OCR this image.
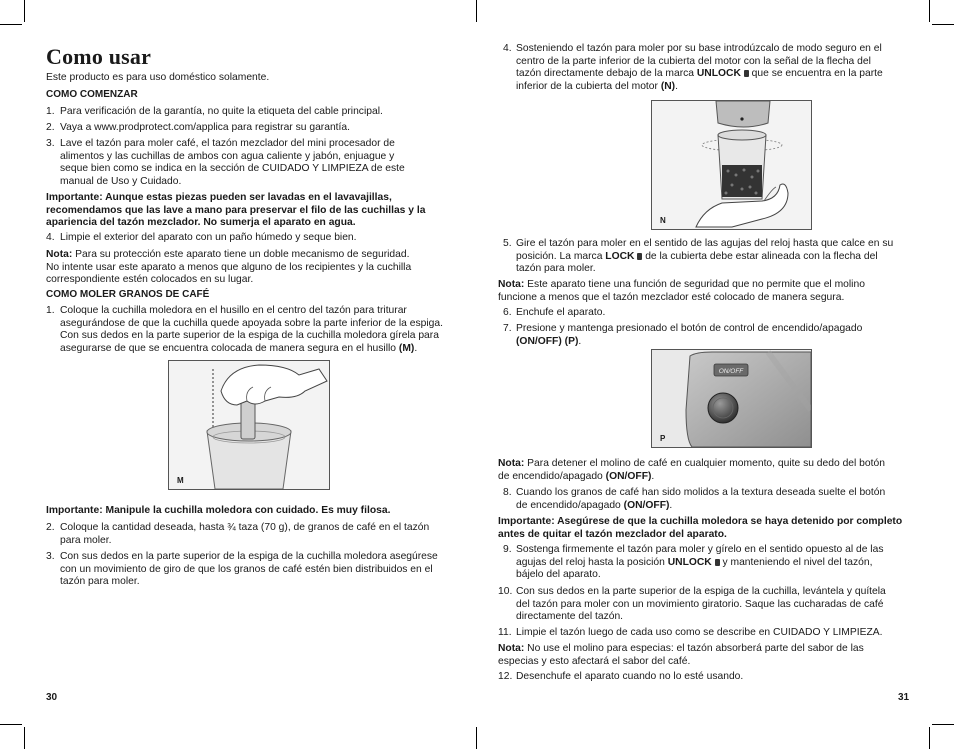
Como usar
Este producto es para uso doméstico solamente.
COMO COMENZAR
1. Para verificación de la garantía, no quite la etiqueta del cable principal.
2. Vaya a www.prodprotect.com/applica para registrar su garantía.
3. Lave el tazón para moler café, el tazón mezclador del mini procesador de
alimentos y las cuchillas de ambos con agua caliente y jabón, enjuague y
seque bien como se indica en la sección de CUIDADO Y LIMPIEZA de este
manual de Uso y Cuidado.
Importante: Aunque estas piezas pueden ser lavadas en el lavavajillas,
recomendamos que las lave a mano para preservar el filo de las cuchillas y la
apariencia del tazón mezclador. No sumerja el aparato en agua.
4. Limpie el exterior del aparato con un paño húmedo y seque bien.
Nota: Para su protección este aparato tiene un doble mecanismo de seguridad.
No intente usar este aparato a menos que alguno de los recipientes y la cuchilla
correspondiente estén colocados en su lugar.
COMO MOLER GRANOS DE CAFÉ
1. Coloque la cuchilla moledora en el husillo en el centro del tazón para triturar
asegurándose de que la cuchilla quede apoyada sobre la parte inferior de la espiga.
Con sus dedos en la parte superior de la espiga de la cuchilla moledora gírela para
asegurarse de que se encuentra colocada de manera segura en el husillo (M).
M
Importante: Manipule la cuchilla moledora con cuidado. Es muy filosa.
2. Coloque la cantidad deseada, hasta ¾ taza (70 g), de granos de café en el tazón
para moler.
3. Con sus dedos en la parte superior de la espiga de la cuchilla moledora asegúrese
con un movimiento de giro de que los granos de café estén bien distribuidos en el
tazón para moler.
30
4. Sosteniendo el tazón para moler por su base introdúzcalo de modo seguro en el
centro de la parte inferior de la cubierta del motor con la señal de la flecha del
tazón directamente debajo de la marca UNLOCK  que se encuentra en la parte
inferior de la cubierta del motor (N).
N
5. Gire el tazón para moler en el sentido de las agujas del reloj hasta que calce en su
posición. La marca LOCK  de la cubierta debe estar alineada con la flecha del
tazón para moler.
Nota: Este aparato tiene una función de seguridad que no permite que el molino
funcione a menos que el tazón mezclador esté colocado de manera segura.
6. Enchufe el aparato.
7. Presione y mantenga presionado el botón de control de encendido/apagado
(ON/OFF) (P).
ON/OFF
P
Nota: Para detener el molino de café en cualquier momento, quite su dedo del botón
de encendido/apagado (ON/OFF).
8. Cuando los granos de café han sido molidos a la textura deseada suelte el botón
de encendido/apagado (ON/OFF).
Importante: Asegúrese de que la cuchilla moledora se haya detenido por completo
antes de quitar el tazón mezclador del aparato.
9. Sostenga firmemente el tazón para moler y gírelo en el sentido opuesto al de las
agujas del reloj hasta la posición UNLOCK  y manteniendo el nivel del tazón,
bájelo del aparato.
10. Con sus dedos en la parte superior de la espiga de la cuchilla, levántela y quítela
del tazón para moler con un movimiento giratorio. Saque las cucharadas de café
directamente del tazón.
11. Limpie el tazón luego de cada uso como se describe en CUIDADO Y LIMPIEZA.
Nota: No use el molino para especias: el tazón absorberá parte del sabor de las
especias y esto afectará el sabor del café.
12. Desenchufe el aparato cuando no lo esté usando.
31
